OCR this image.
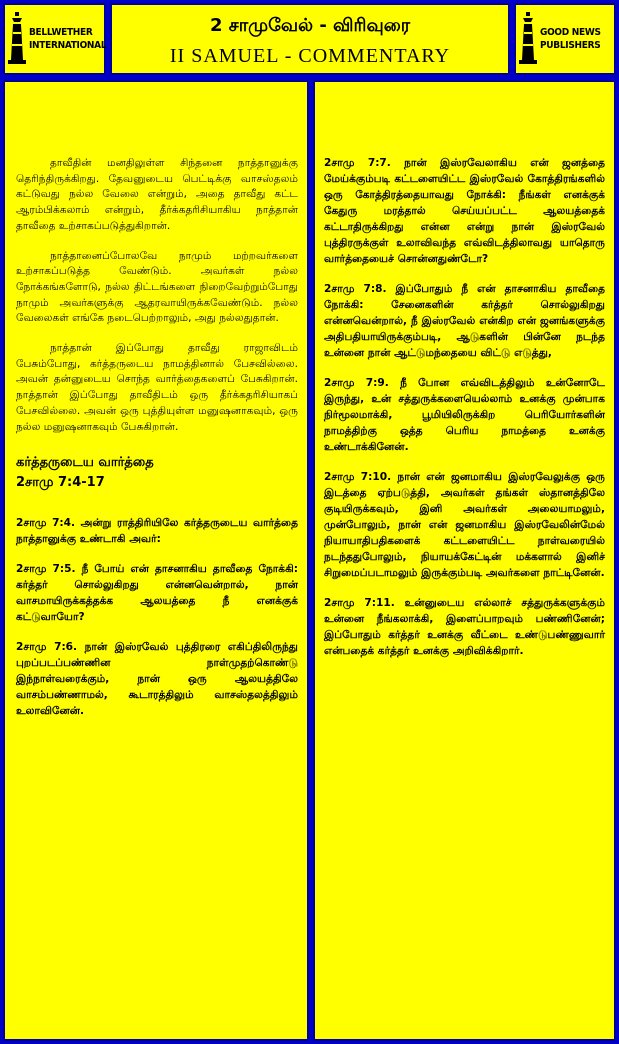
BELLWETHER
INTERNATIONAL
2 சாமுவேல் - விரிவுரை
II SAMUEL - COMMENTARY
GOOD NEWS
PUBLISHERS

தாவீதின் மனதிலுள்ள சிந்தனை நாத்தானுக்கு தெரிந்திருக்கிறது. தேவனுடைய பெட்டிக்கு வாசஸ்தலம் கட்டுவது நல்ல வேலை என்றும், அதை தாவீது கட்ட ஆரம்பிக்கலாம் என்றும், தீர்க்கதரிசியாகிய நாத்தான் தாவீதை உற்சாகப்படுத்துகிறான்.

நாத்தானைப்போலவே நாமும் மற்றவர்களை உற்சாகப்படுத்த வேண்டும். அவர்கள் நல்ல நோக்கங்களோடு, நல்ல திட்டங்களை நிறைவேற்றும்போது நாமும் அவர்களுக்கு ஆதரவாயிருக்கவேண்டும். நல்ல வேலைகள் எங்கே நடைபெற்றாலும், அது நல்லதுதான்.

நாத்தான் இப்போது தாவீது ராஜாவிடம் பேசும்போது, கர்த்தருடைய நாமத்தினால் பேசவில்லை. அவன் தன்னுடைய சொந்த வார்த்தைகளைப் பேசுகிறான். நாத்தான் இப்போது தாவீதிடம் ஒரு தீர்க்கதரிசியாகப் பேசவில்லை. அவன் ஒரு புத்தியுள்ள மனுஷனாகவும், ஒரு நல்ல மனுஷனாகவும் பேசுகிறான்.

கர்த்தருடைய வார்த்தை
2சாமு 7:4-17

2சாமு 7:4. அன்று ராத்திரியிலே கர்த்தருடைய வார்த்தை நாத்தானுக்கு உண்டாகி அவர்:

2சாமு 7:5. நீ போய் என் தாசனாகிய தாவீதை நோக்கி: கர்த்தர் சொல்லுகிறது என்னவென்றால், நான் வாசமாயிருக்கத்தக்க ஆலயத்தை நீ எனக்குக் கட்டுவாயோ?

2சாமு 7:6. நான் இஸ்ரவேல் புத்திரரை எகிப்திலிருந்து புறப்படப்பண்ணின நாள்முதற்கொண்டு இந்நாள்வரைக்கும், நான் ஒரு ஆலயத்திலே வாசம்பண்ணாமல், கூடாரத்திலும் வாசஸ்தலத்திலும் உலாவினேன்.

2சாமு 7:7. நான் இஸ்ரவேலாகிய என் ஜனத்தை மேய்க்கும்படி கட்டளையிட்ட இஸ்ரவேல் கோத்திரங்களில் ஒரு கோத்திரத்தையாவது நோக்கி: நீங்கள் எனக்குக் கேதுரு மரத்தால் செய்யப்பட்ட ஆலயத்தைக் கட்டாதிருக்கிறது என்ன என்று நான் இஸ்ரவேல் புத்திரருக்குள் உலாவிவந்த எவ்விடத்திலாவது யாதொரு வார்த்தையைச் சொன்னதுண்டோ?

2சாமு 7:8. இப்போதும் நீ என் தாசனாகிய தாவீதை நோக்கி: சேனைகளின் கர்த்தர் சொல்லுகிறது என்னவென்றால், நீ இஸ்ரவேல் என்கிற என் ஜனங்களுக்கு அதிபதியாயிருக்கும்படி, ஆடுகளின் பின்னே நடந்த உன்னை நான் ஆட்டுமந்தையை விட்டு எடுத்து,

2சாமு 7:9. நீ போன எவ்விடத்திலும் உன்னோடே இருந்து, உன் சத்துருக்களையெல்லாம் உனக்கு முன்பாக நிர்மூலமாக்கி, பூமியிலிருக்கிற பெரியோர்களின் நாமத்திற்கு ஒத்த பெரிய நாமத்தை உனக்கு உண்டாக்கினேன்.

2சாமு 7:10. நான் என் ஜனமாகிய இஸ்ரவேலுக்கு ஒரு இடத்தை ஏற்படுத்தி, அவர்கள் தங்கள் ஸ்தானத்திலே குடியிருக்கவும், இனி அவர்கள் அலையாமலும், முன்போலும், நான் என் ஜனமாகிய இஸ்ரவேலின்மேல் நியாயாதிபதிகளைக் கட்டளையிட்ட நாள்வரையில் நடந்ததுபோலும், நியாயக்கேட்டின் மக்களால் இனிச் சிறுமைப்படாமலும் இருக்கும்படி அவர்களை நாட்டினேன்.

2சாமு 7:11. உன்னுடைய எல்லாச் சத்துருக்களுக்கும் உன்னை நீங்கலாக்கி, இளைப்பாறவும் பண்ணினேன்; இப்போதும் கர்த்தர் உனக்கு வீட்டை உண்டுபண்ணுவார் என்பதைக் கர்த்தர் உனக்கு அறிவிக்கிறார்.
